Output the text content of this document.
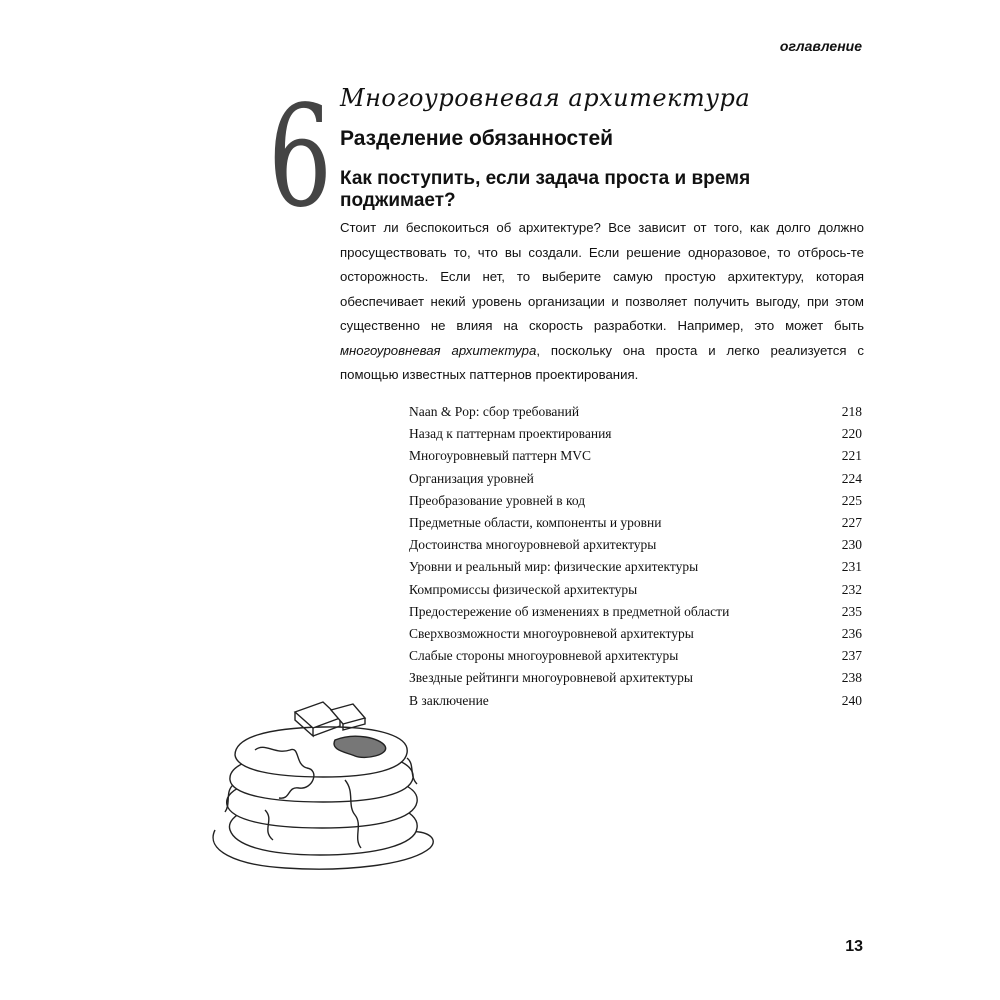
оглавление
6 Многоуровневая архитектура
Разделение обязанностей
Как поступить, если задача проста и время поджимает?

Стоит ли беспокоиться об архитектуре? Все зависит от того, как долго должно просуществовать то, что вы создали. Если решение одноразовое, то отбрось-те осторожность. Если нет, то выберите самую простую архитектуру, которая обеспечивает некий уровень организации и позволяет получить выгоду, при этом существенно не влияя на скорость разработки. Например, это может быть многоуровневая архитектура, поскольку она проста и легко реализуется с помощью известных паттернов проектирования.

Naan & Pop: сбор требований	218
Назад к паттернам проектирования	220
Многоуровневый паттерн MVC	221
Организация уровней	224
Преобразование уровней в код	225
Предметные области, компоненты и уровни	227
Достоинства многоуровневой архитектуры	230
Уровни и реальный мир: физические архитектуры	231
Компромиссы физической архитектуры	232
Предостережение об изменениях в предметной области	235
Сверхвозможности многоуровневой архитектуры	236
Слабые стороны многоуровневой архитектуры	237
Звездные рейтинги многоуровневой архитектуры	238
В заключение	240
13
